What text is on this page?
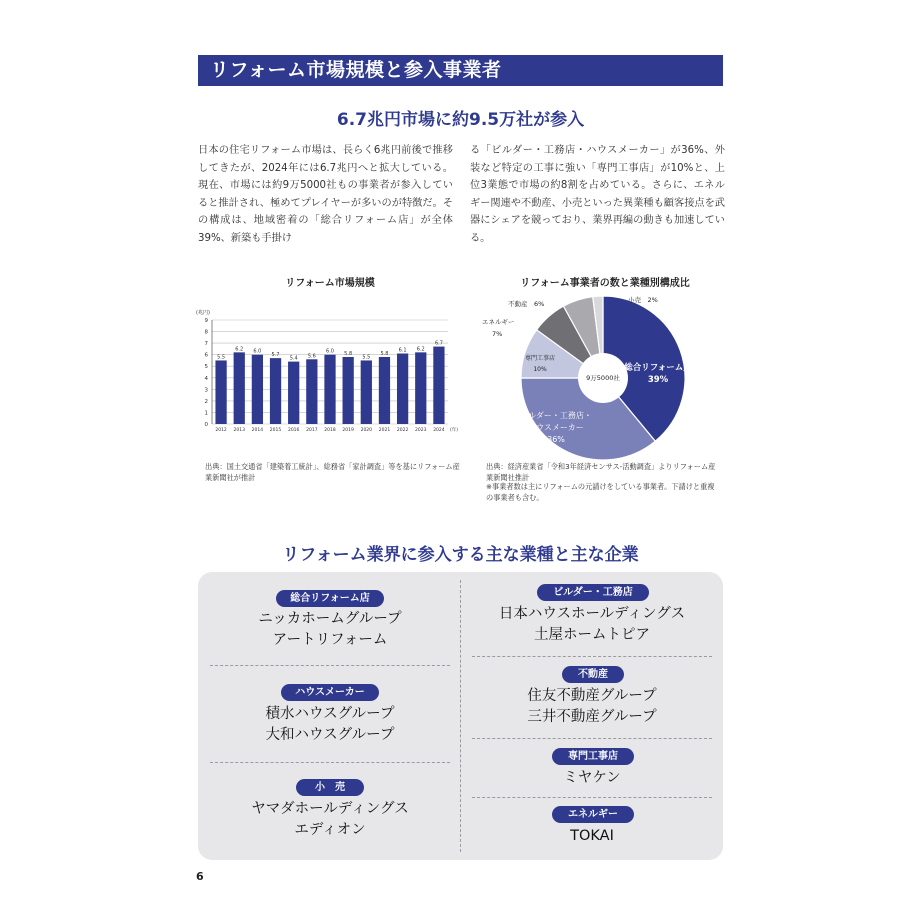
リフォーム市場規模と参入事業者
6.7兆円市場に約9.5万社が参入
日本の住宅リフォーム市場は、長らく6兆円前後で推移してきたが、2024年には6.7兆円へと拡大している。現在、市場には約9万5000社もの事業者が参入していると推計され、極めてプレイヤーが多いのが特徴だ。その構成は、地域密着の「総合リフォーム店」が全体39%、新築も手掛け
る「ビルダー・工務店・ハウスメーカー」が36%、外装など特定の工事に強い「専門工事店」が10%と、上位3業態で市場の約8割を占めている。さらに、エネルギー関連や不動産、小売といった異業種も顧客接点を武器にシェアを競っており、業界再編の動きも加速している。
リフォーム市場規模
(兆円)
0
1
2
3
4
5
6
7
8
9
5.5
2012
6.2
2013
6.0
2014
5.7
2015
5.4
2016
5.6
2017
6.0
2018
5.8
2019
5.5
2020
5.8
2021
6.1
2022
6.2
2023
6.7
2024 (年)
出典：国土交通省「建築着工統計」、総務省「家計調査」等を基にリフォーム産業新聞社が推計
リフォーム事業者の数と業種別構成比
9万5000社
総合リフォーム店
39%
ビルダー・工務店・
ハウスメーカー
36%
専門工事店
10%
エネルギー
7%
不動産　6%	小売　2%
出典：経済産業省「令和3年経済センサス-活動調査」よりリフォーム産業新聞社推計
※事業者数は主にリフォームの元請けをしている事業者。下請けと重複の事業者も含む。
リフォーム業界に参入する主な業種と主な企業
総合リフォーム店
ニッカホームグループ
アートリフォーム
ハウスメーカー
積水ハウスグループ
大和ハウスグループ
小　売
ヤマダホールディングス
エディオン
ビルダー・工務店
日本ハウスホールディングス
土屋ホームトピア
不動産
住友不動産グループ
三井不動産グループ
専門工事店
ミヤケン
エネルギー
TOKAI
6
